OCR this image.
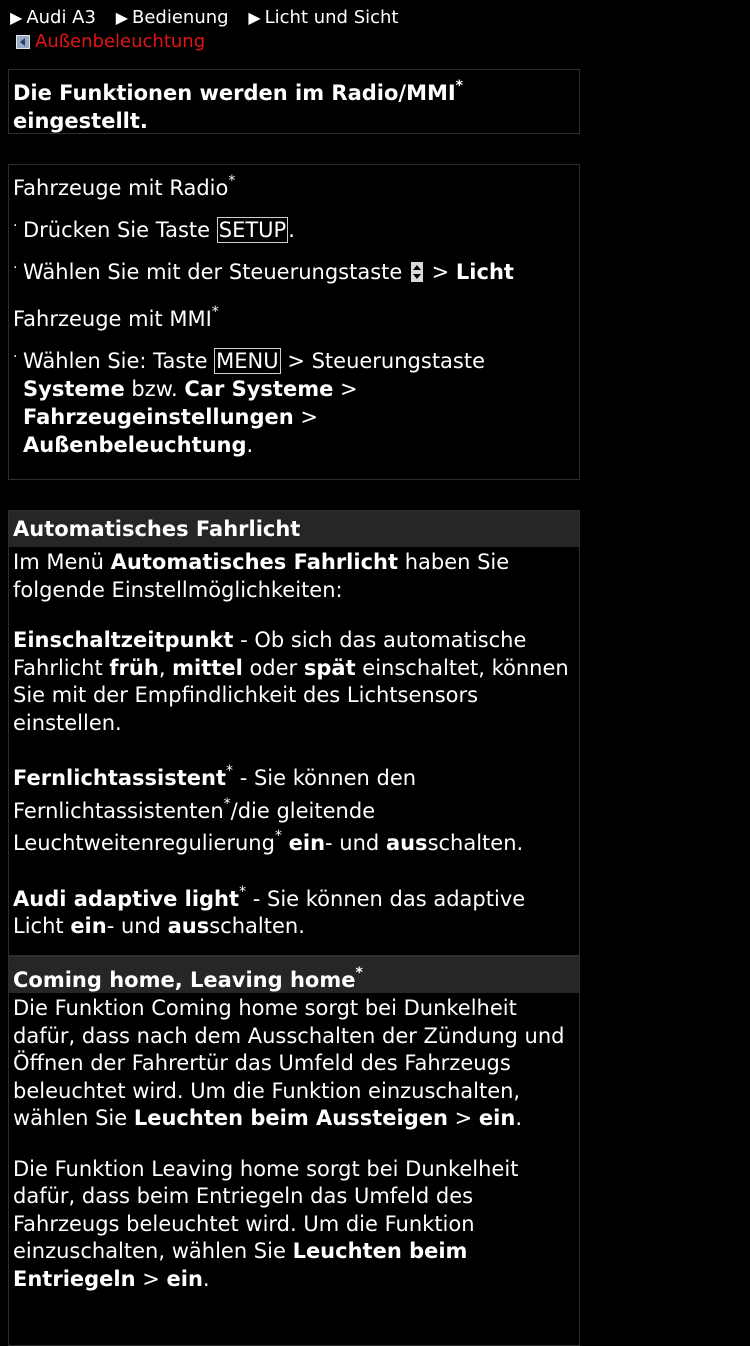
▶ Audi A3 ▶ Bedienung ▶ Licht und Sicht
Außenbeleuchtung
Die Funktionen werden im Radio/MMI*
eingestellt.
Fahrzeuge mit Radio*
· Drücken Sie Taste SETUP.
· Wählen Sie mit der Steuerungstaste  > Licht
Fahrzeuge mit MMI*
· Wählen Sie: Taste MENU > Steuerungstaste
Systeme bzw. Car Systeme >
Fahrzeugeinstellungen >
Außenbeleuchtung.
Automatisches Fahrlicht

Im Menü Automatisches Fahrlicht haben Sie folgende Einstellmöglichkeiten:

Einschaltzeitpunkt - Ob sich das automatische Fahrlicht früh, mittel oder spät einschaltet, können Sie mit der Empfindlichkeit des Lichtsensors einstellen.

Fernlichtassistent* - Sie können den Fernlichtassistenten*/die gleitende Leuchtweitenregulierung* ein- und ausschalten.

Audi adaptive light* - Sie können das adaptive Licht ein- und ausschalten.

Coming home, Leaving home*

Die Funktion Coming home sorgt bei Dunkelheit dafür, dass nach dem Ausschalten der Zündung und Öffnen der Fahrertür das Umfeld des Fahrzeugs beleuchtet wird. Um die Funktion einzuschalten, wählen Sie Leuchten beim Aussteigen > ein.

Die Funktion Leaving home sorgt bei Dunkelheit dafür, dass beim Entriegeln das Umfeld des Fahrzeugs beleuchtet wird. Um die Funktion einzuschalten, wählen Sie Leuchten beim Entriegeln > ein.
